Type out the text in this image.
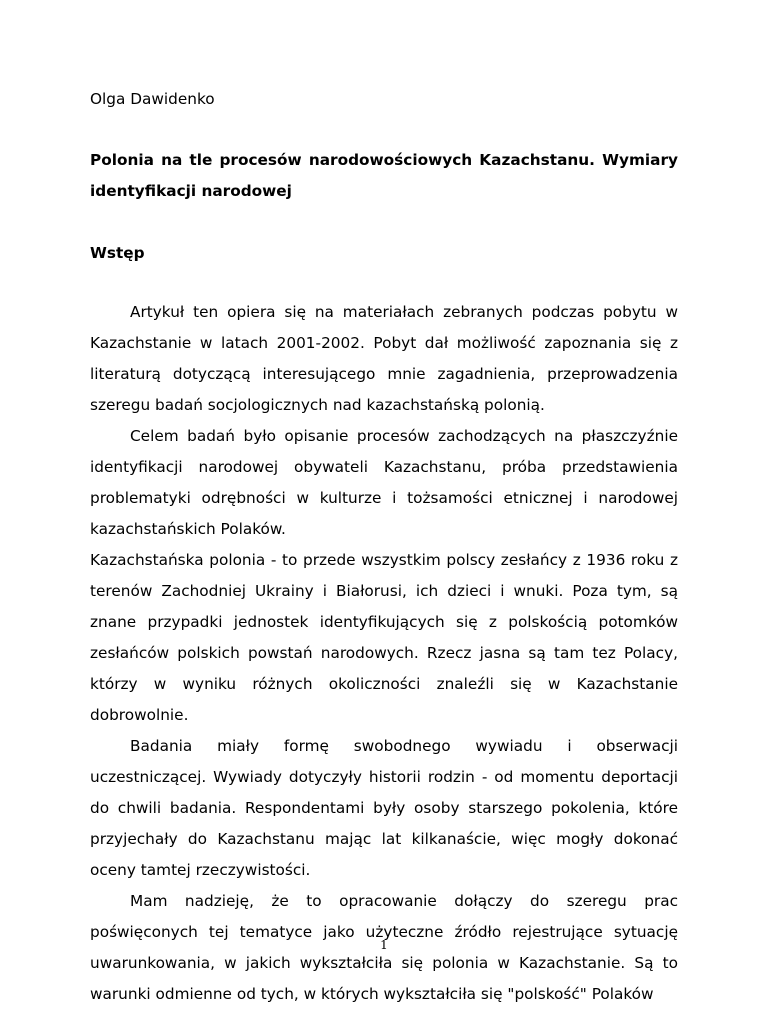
Olga Dawidenko

Polonia na tle procesów narodowościowych Kazachstanu. Wymiary identyfikacji narodowej

Wstęp

Artykuł ten opiera się na materiałach zebranych podczas pobytu w Kazachstanie w latach 2001-2002. Pobyt dał możliwość zapoznania się z literaturą dotyczącą interesującego mnie zagadnienia, przeprowadzenia szeregu badań socjologicznych nad kazachstańską polonią.

Celem badań było opisanie procesów zachodzących na płaszczyźnie identyfikacji narodowej obywateli Kazachstanu, próba przedstawienia problematyki odrębności w kulturze i tożsamości etnicznej i narodowej kazachstańskich Polaków.

Kazachstańska polonia - to przede wszystkim polscy zesłańcy z 1936 roku z terenów Zachodniej Ukrainy i Białorusi, ich dzieci i wnuki. Poza tym, są znane przypadki jednostek identyfikujących się z polskością potomków zesłańców polskich powstań narodowych. Rzecz jasna są tam tez Polacy, którzy w wyniku różnych okoliczności znaleźli się w Kazachstanie dobrowolnie.

Badania miały formę swobodnego wywiadu i obserwacji uczestniczącej. Wywiady dotyczyły historii rodzin - od momentu deportacji do chwili badania. Respondentami były osoby starszego pokolenia, które przyjechały do Kazachstanu mając lat kilkanaście, więc mogły dokonać oceny tamtej rzeczywistości.

Mam nadzieję, że to opracowanie dołączy do szeregu prac poświęconych tej tematyce jako użyteczne źródło rejestrujące sytuację uwarunkowania, w jakich wykształciła się polonia w Kazachstanie. Są to warunki odmienne od tych, w których wykształciła się "polskość" Polaków

1
